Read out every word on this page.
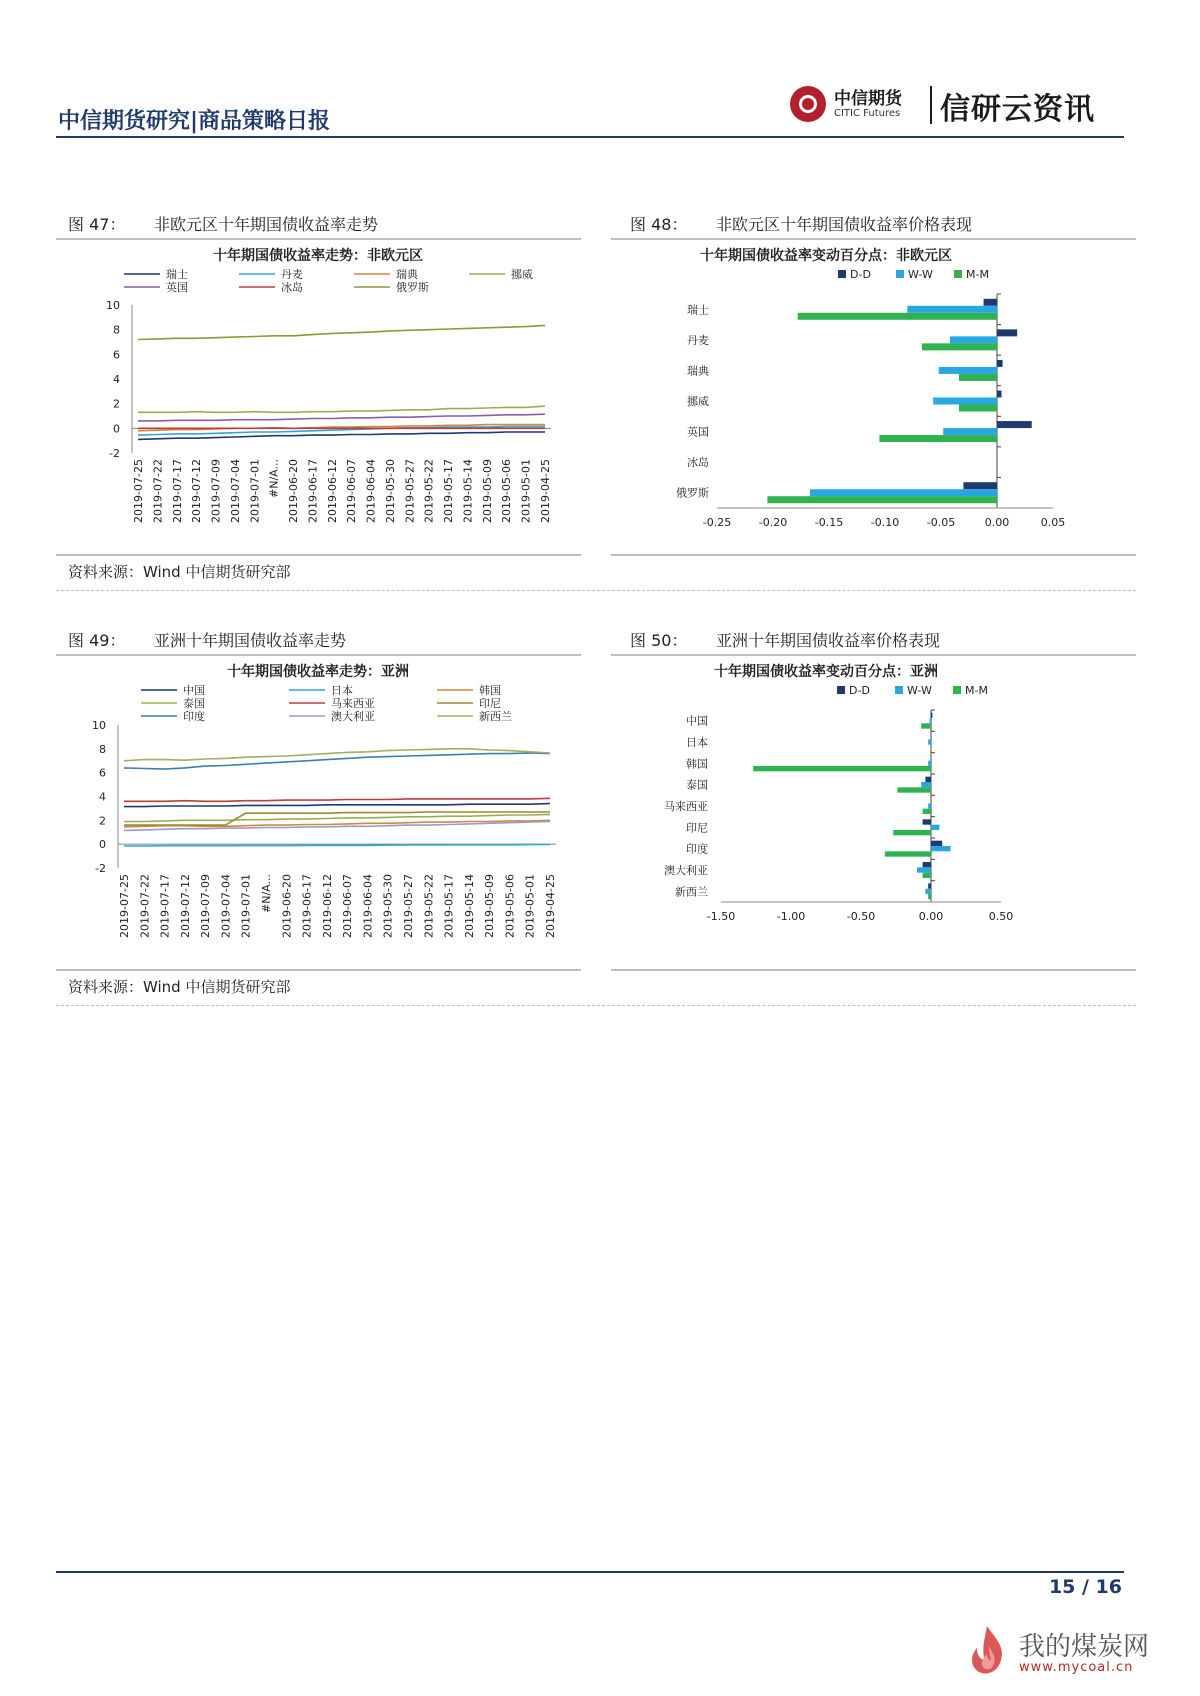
中信期货研究|商品策略日报
中信期货
CITIC Futures 信研云资讯
图 47： 非欧元区十年期国债收益率走势	图 48： 非欧元区十年期国债收益率价格表现
十年期国债收益率走势：非欧元区
瑞士	丹麦	瑞典	挪威
英国	冰岛	俄罗斯
10
8
6
4
2
0
-2
2019-07-25 2019-07-22 2019-07-17 2019-07-12 2019-07-09 2019-07-04 2019-07-01 #N/A... 2019-06-20 2019-06-17 2019-06-12 2019-06-07 2019-06-04 2019-05-30 2019-05-27 2019-05-22 2019-05-17 2019-05-14 2019-05-09 2019-05-06 2019-05-01 2019-04-25
十年期国债收益率变动百分点：非欧元区
D-D	W-W	M-M
-0.25	-0.20	-0.15	-0.10	-0.05	0.00	0.05
瑞士
丹麦
瑞典
挪威
英国
冰岛
俄罗斯
资料来源：Wind 中信期货研究部
图 49： 亚洲十年期国债收益率走势	图 50： 亚洲十年期国债收益率价格表现
十年期国债收益率走势：亚洲
中国	日本	韩国
泰国	马来西亚	印尼
印度	澳大利亚	新西兰
10
8
6
4
2
0
-2
2019-07-25 2019-07-22 2019-07-17 2019-07-12 2019-07-09 2019-07-04 2019-07-01 #N/A... 2019-06-20 2019-06-17 2019-06-12 2019-06-07 2019-06-04 2019-05-30 2019-05-27 2019-05-22 2019-05-17 2019-05-14 2019-05-09 2019-05-06 2019-05-01 2019-04-25
十年期国债收益率变动百分点：亚洲
D-D	W-W	M-M
-1.50	-1.00	-0.50	0.00	0.50
中国
日本
韩国
泰国
马来西亚
印尼
印度
澳大利亚
新西兰
资料来源：Wind 中信期货研究部
15 / 16
我的煤炭网
www.mycoal.cn
